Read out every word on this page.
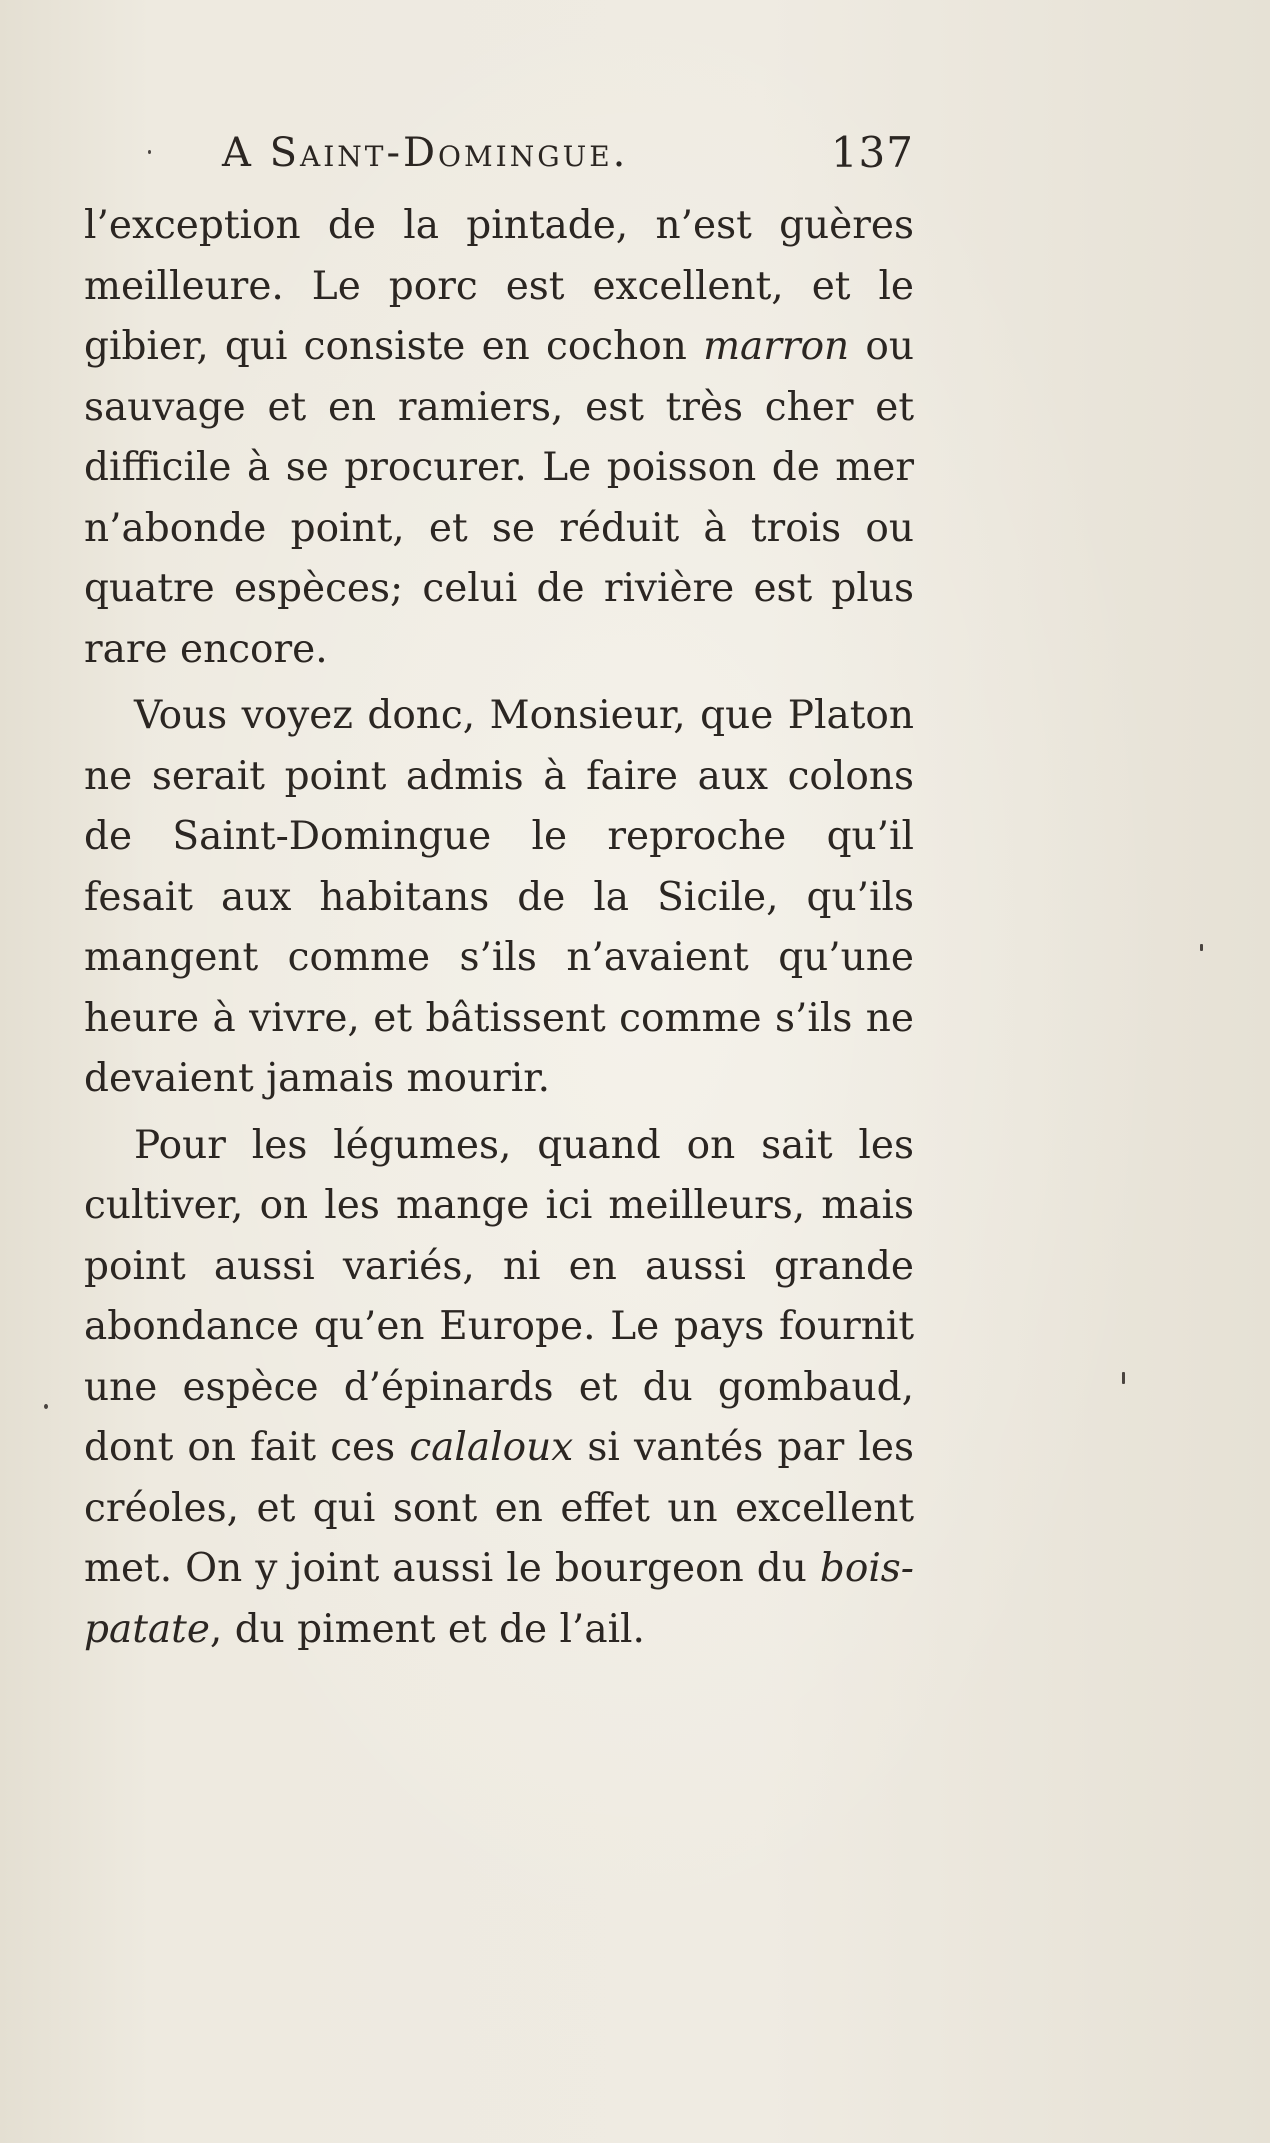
A Saint-Domingue.	137

l’exception de la pintade, n’est guères meilleure. Le porc est excellent, et le gibier, qui consiste en cochon marron ou sauvage et en ramiers, est très cher et difficile à se procurer. Le poisson de mer n’abonde point, et se réduit à trois ou quatre espèces; celui de rivière est plus rare encore.

Vous voyez donc, Monsieur, que Platon ne serait point admis à faire aux colons de Saint-Domingue le reproche qu’il fesait aux habitans de la Sicile, qu’ils mangent comme s’ils n’avaient qu’une heure à vivre, et bâtissent comme s’ils ne devaient jamais mourir.

Pour les légumes, quand on sait les cultiver, on les mange ici meilleurs, mais point aussi variés, ni en aussi grande abondance qu’en Europe. Le pays fournit une espèce d’épinards et du gombaud, dont on fait ces calaloux si vantés par les créoles, et qui sont en effet un excellent met. On y joint aussi le bourgeon du bois-patate, du piment et de l’ail.
